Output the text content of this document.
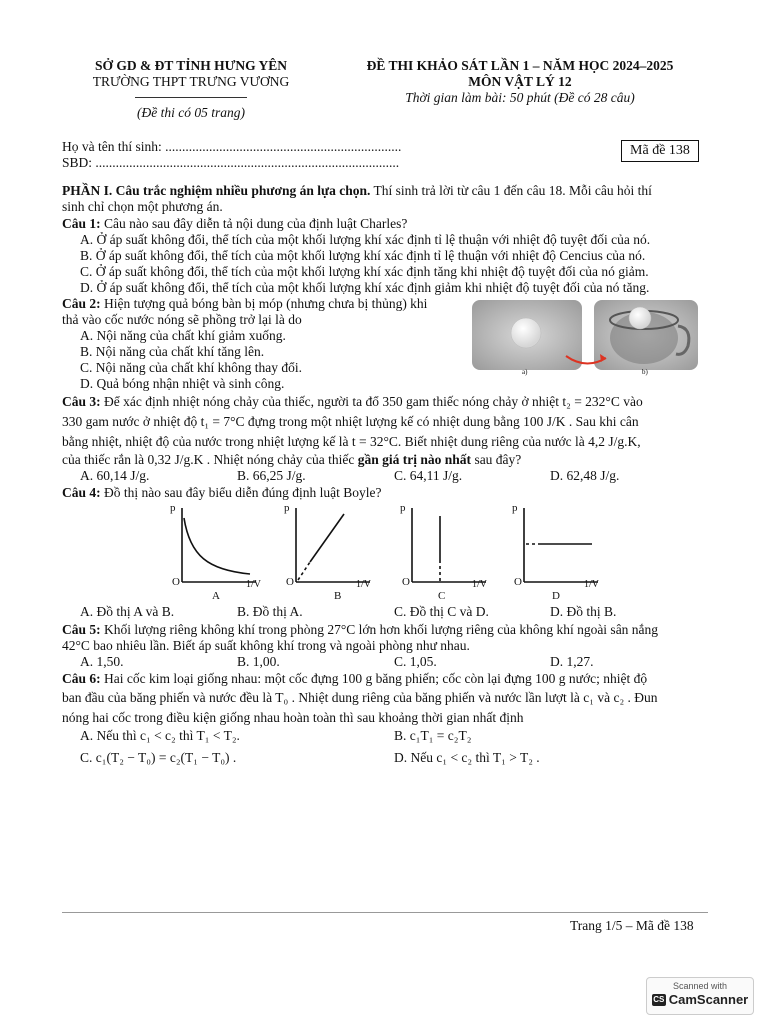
SỞ GD & ĐT TỈNH HƯNG YÊN
TRƯỜNG THPT TRƯNG VƯƠNG
(Đề thi có 05 trang)
ĐỀ THI KHẢO SÁT LẦN 1 – NĂM HỌC 2024–2025
MÔN VẬT LÝ 12
Thời gian làm bài: 50 phút (Đề có 28 câu)
Họ và tên thí sinh: ......................................................................
SBD: ..........................................................................................
Mã đề 138
PHẦN I. Câu trắc nghiệm nhiều phương án lựa chọn. Thí sinh trả lời từ câu 1 đến câu 18. Mỗi câu hỏi thí
sinh chỉ chọn một phương án.
Câu 1: Câu nào sau đây diễn tả nội dung của định luật Charles?
A. Ở áp suất không đổi, thể tích của một khối lượng khí xác định tỉ lệ thuận với nhiệt độ tuyệt đối của nó.
B. Ở áp suất không đổi, thể tích của một khối lượng khí xác định tỉ lệ thuận với nhiệt độ Cencius của nó.
C. Ở áp suất không đổi, thể tích của một khối lượng khí xác định tăng khi nhiệt độ tuyệt đối của nó giảm.
D. Ở áp suất không đổi, thể tích của một khối lượng khí xác định giảm khi nhiệt độ tuyệt đối của nó tăng.
Câu 2: Hiện tượng quả bóng bàn bị móp (nhưng chưa bị thủng) khi
thả vào cốc nước nóng sẽ phồng trở lại là do
A. Nội năng của chất khí giảm xuống.
B. Nội năng của chất khí tăng lên.
C. Nội năng của chất khí không thay đổi.
D. Quả bóng nhận nhiệt và sinh công.
a)	b)
Câu 3: Để xác định nhiệt nóng chảy của thiếc, người ta đổ 350 gam thiếc nóng chảy ở nhiệt t₂ = 232°C vào
330 gam nước ở nhiệt độ t₁ = 7°C đựng trong một nhiệt lượng kế có nhiệt dung bằng 100 J/K . Sau khi cân
bằng nhiệt, nhiệt độ của nước trong nhiệt lượng kế là t = 32°C. Biết nhiệt dung riêng của nước là 4,2 J/g.K,
của thiếc rắn là 0,32 J/g.K . Nhiệt nóng chảy của thiếc gần giá trị nào nhất sau đây?
A. 60,14 J/g.	B. 66,25 J/g.	C. 64,11 J/g.	D. 62,48 J/g.
Câu 4: Đồ thị nào sau đây biểu diễn đúng định luật Boyle?
p
O	1/V
A
p
O	1/V
B
p
O	1/V
C
p
O	1/V
D
A. Đồ thị A và B.	B. Đồ thị A.	C. Đồ thị C và D.	D. Đồ thị B.
Câu 5: Khối lượng riêng không khí trong phòng 27°C lớn hơn khối lượng riêng của không khí ngoài sân nắng
42°C bao nhiêu lần. Biết áp suất không khí trong và ngoài phòng như nhau.
A. 1,50.	B. 1,00.	C. 1,05.	D. 1,27.
Câu 6: Hai cốc kim loại giống nhau: một cốc đựng 100 g băng phiến; cốc còn lại đựng 100 g nước; nhiệt độ
ban đầu của băng phiến và nước đều là T₀ . Nhiệt dung riêng của băng phiến và nước lần lượt là c₁ và c₂ . Đun
nóng hai cốc trong điều kiện giống nhau hoàn toàn thì sau khoảng thời gian nhất định
A. Nếu thì c₁ < c₂ thì T₁ < T₂.	B. c₁T₁ = c₂T₂
C. c₁(T₂ − T₀) = c₂(T₁ − T₀) .	D. Nếu c₁ < c₂ thì T₁ > T₂ .
Trang 1/5 – Mã đề 138
Scanned with
CS CamScanner
